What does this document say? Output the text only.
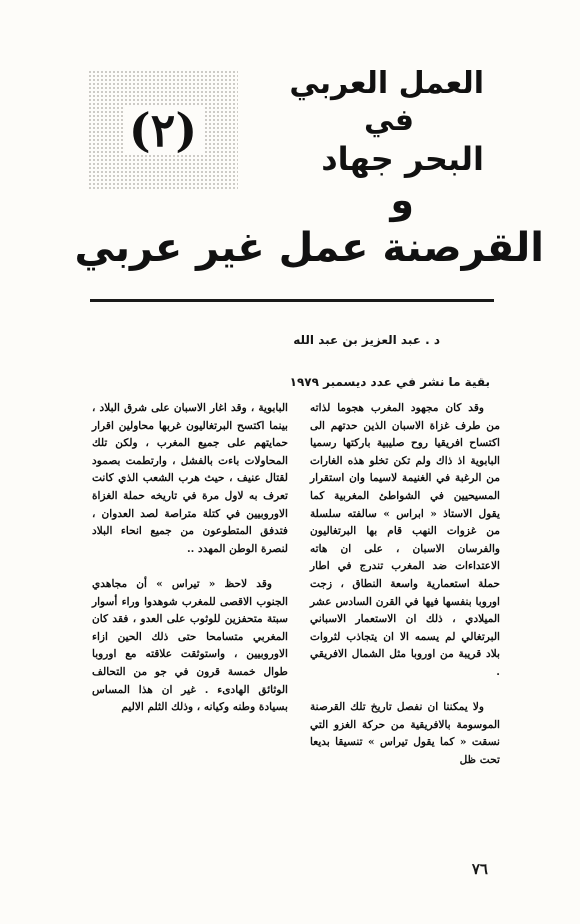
(٢)
العمل العربي
في
البحر جهاد
و
القرصنة عمل غير عربي
د . عبد العزيز بن عبد الله
بقية ما نشر في عدد ديسمبر ١٩٧٩

وقد كان مجهود المغرب هجوما لذاته من طرف غزاة الاسبان الذين حدتهم الى اكتساح افريقيا روح صليبية باركتها رسميا البابوية اذ ذاك ولم تكن تخلو هذه الغارات من الرغبة في الغنيمة لاسيما وان استقرار المسيحيين في الشواطئ المغربية كما يقول الاستاذ « ابراس » سالفته سلسلة من غزوات النهب قام بها البرتغاليون والفرسان الاسبان ، على ان هاته الاعتداءات ضد المغرب تندرج في اطار حملة استعمارية واسعة النطاق ، زجت اوروبا بنفسها فيها في القرن السادس عشر الميلادي ، ذلك ان الاستعمار الاسباني البرتغالي لم يسمه الا ان يتجاذب لثروات بلاد قريبة من اوروبا مثل الشمال الافريقي .

ولا يمكننا ان نفصل تاريخ تلك القرصنة الموسومة بالافريقية من حركة الغزو التي نسقت « كما يقول تيراس » تنسيقا بديعا تحت ظل

البابوية ، وقد اغار الاسبان على شرق البلاد ، بينما اكتسح البرتغاليون غربها محاولين اقرار حمايتهم على جميع المغرب ، ولكن تلك المحاولات باءت بالفشل ، وارتطمت بصمود لقتال عنيف ، حيث هرب الشعب الذي كانت تعرف به لاول مرة في تاريخه حملة الغزاة الاوروبيين في كتلة متراصة لصد العدوان ، فتدفق المتطوعون من جميع انحاء البلاد لنصرة الوطن المهدد ..

وقد لاحظ « تيراس » أن مجاهدي الجنوب الاقصى للمغرب شوهدوا وراء أسوار سبتة متحفزين للوثوب على العدو ، فقد كان المغربي متسامحا حتى ذلك الحين ازاء الاوروبيين ، واستوثقت علاقته مع اوروبا طوال خمسة قرون في جو من التحالف الوثائق الهادىء . غير ان هذا المساس بسيادة وطنه وكيانه ، وذلك الثلم الاليم

٧٦
